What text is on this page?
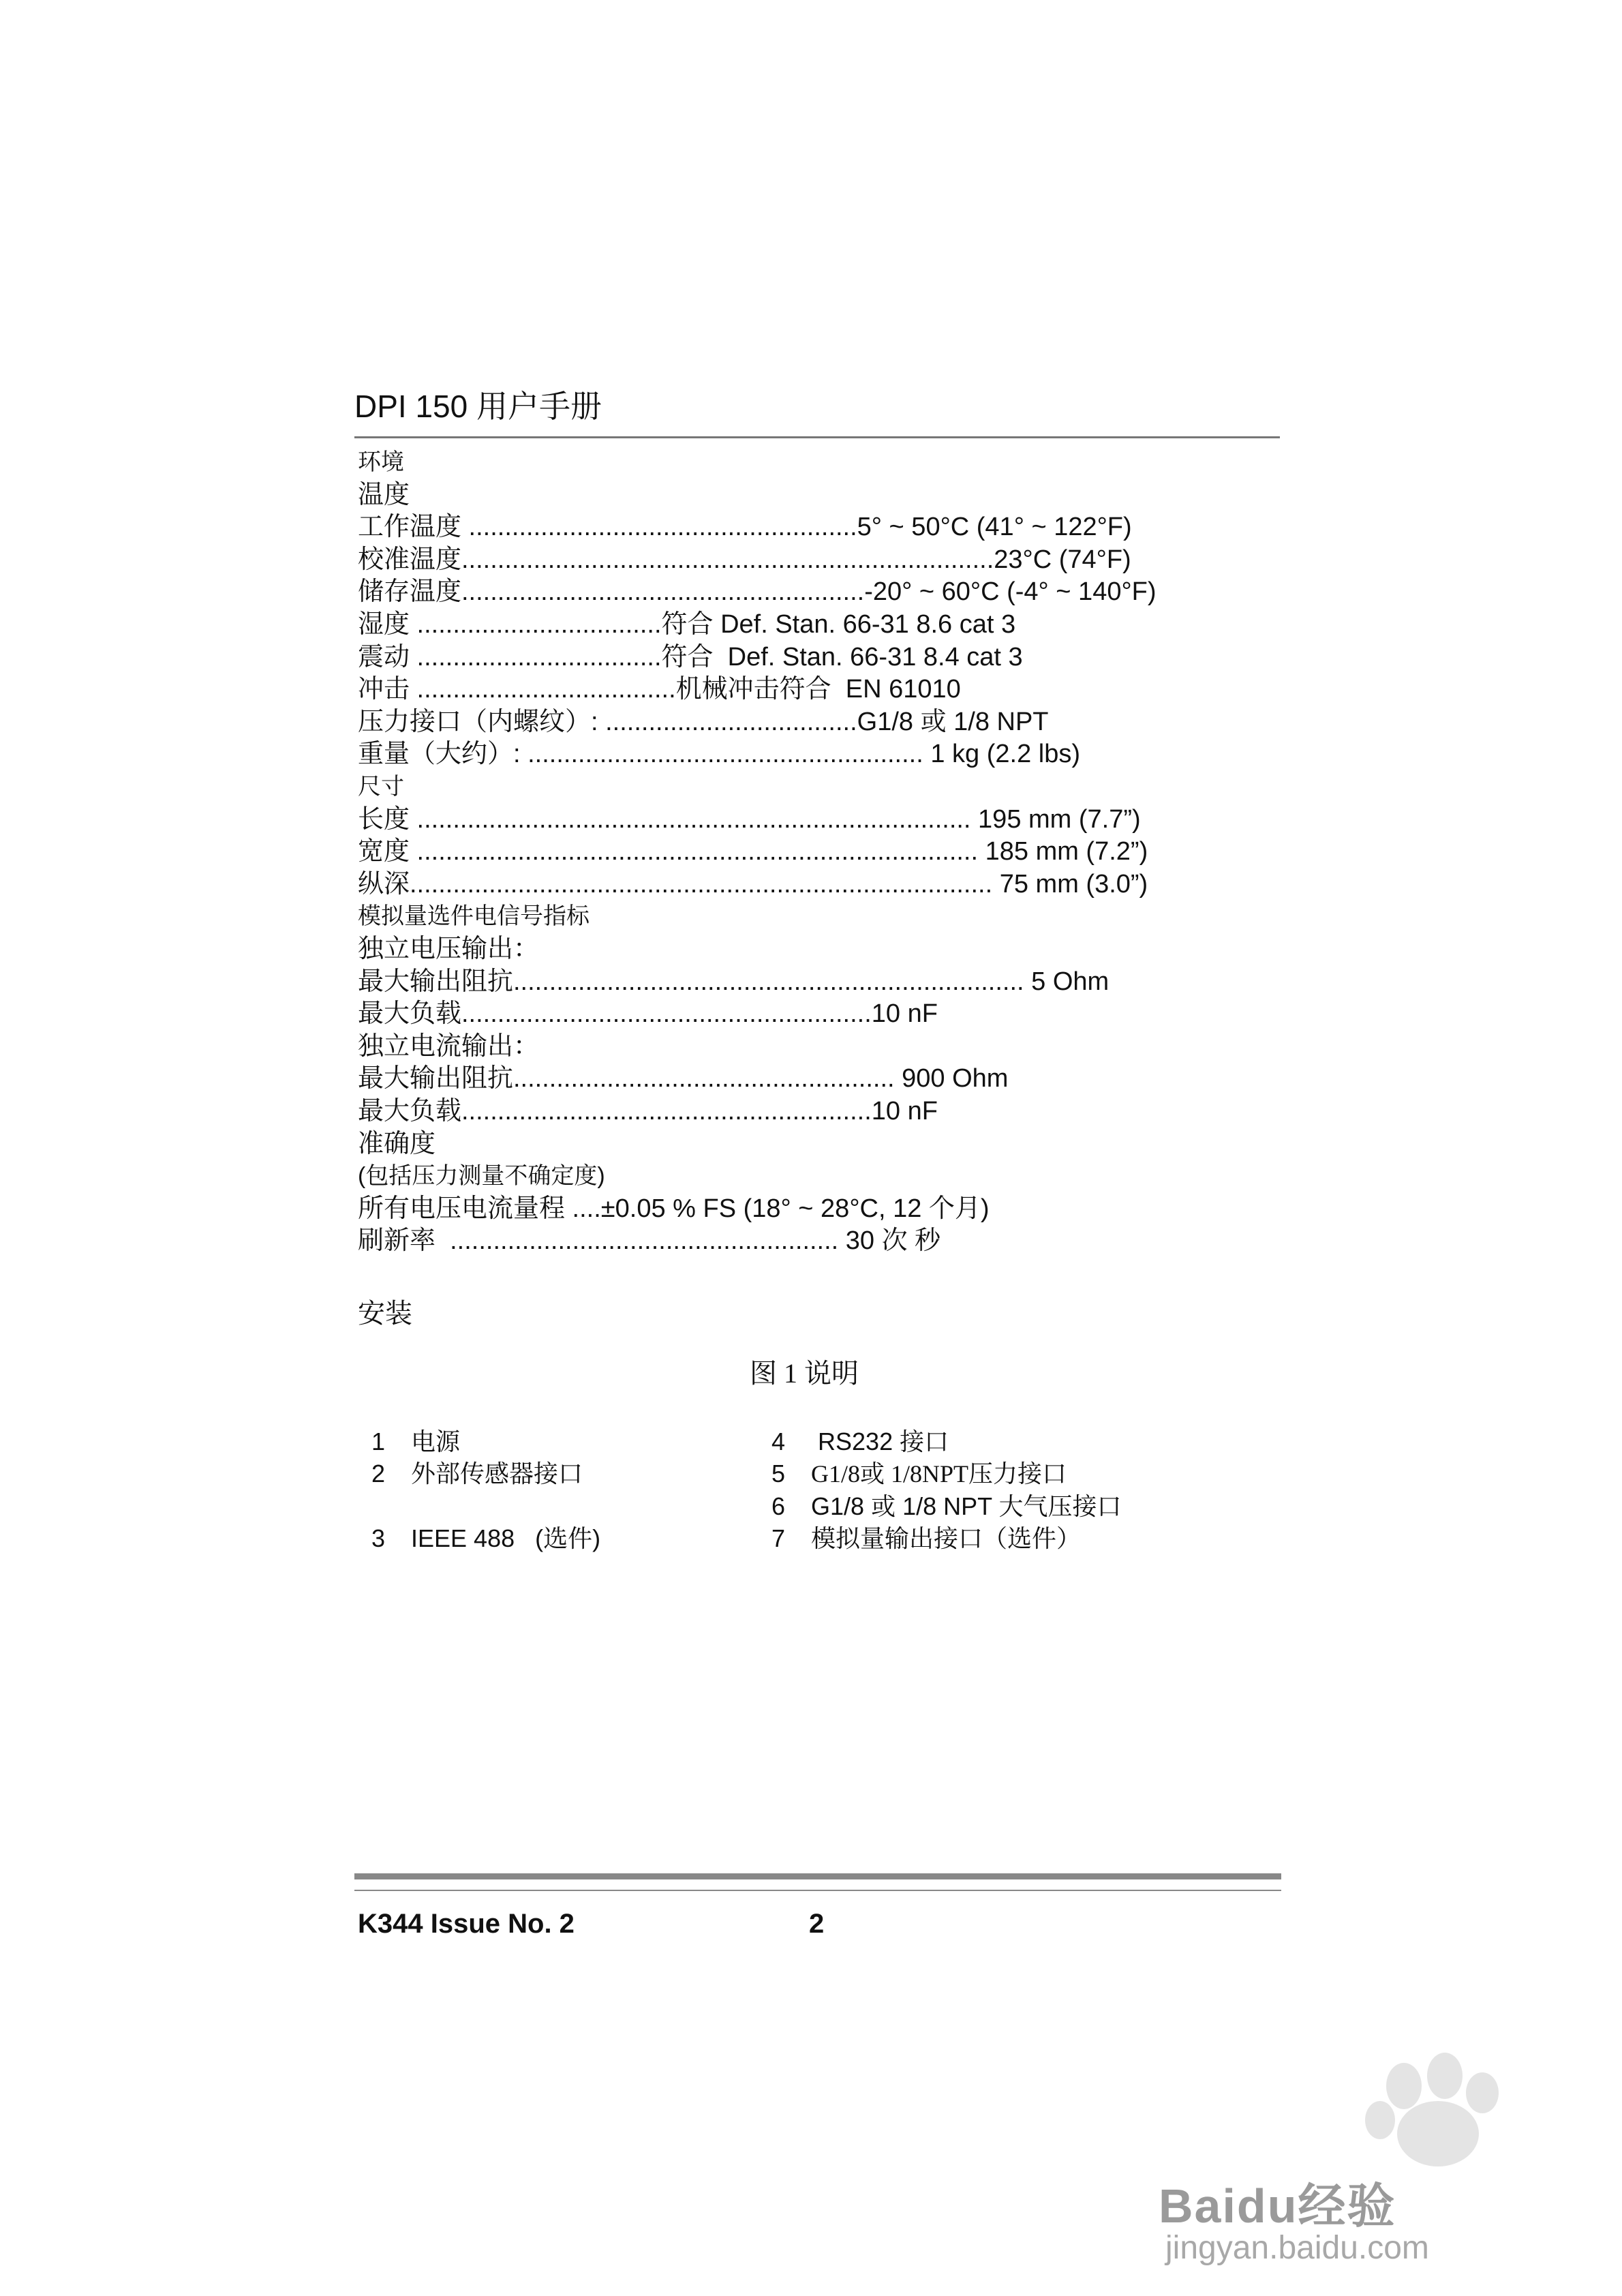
DPI 150 用户手册
环境
温度
工作温度 ......................................................5° ~ 50°C (41° ~ 122°F)
校准温度..........................................................................23°C (74°F)
储存温度........................................................-20° ~ 60°C (-4° ~ 140°F)
湿度 ..................................符合 Def. Stan. 66-31 8.6 cat 3
震动 ..................................符合  Def. Stan. 66-31 8.4 cat 3
冲击 ....................................机械冲击符合  EN 61010
压力接口（内螺纹）: ...................................G1/8 或 1/8 NPT
重量（大约）: ....................................................... 1 kg (2.2 lbs)
尺寸
长度 ............................................................................. 195 mm (7.7”)
宽度 .............................................................................. 185 mm (7.2”)
纵深................................................................................. 75 mm (3.0”)
模拟量选件电信号指标
独立电压输出：
最大输出阻抗....................................................................... 5 Ohm
最大负载.........................................................10 nF
独立电流输出：
最大输出阻抗..................................................... 900 Ohm
最大负载.........................................................10 nF
准确度
(包括压力测量不确定度)
所有电压电流量程 ....±0.05 % FS (18° ~ 28°C, 12 个月)
刷新率  ...................................................... 30 次 秒
安装
图 1 说明

1 电源

2 外部传感器接口

3 IEEE 488   (选件)

4 RS232 接口

5 G1/8或 1/8NPT压力接口

6 G1/8 或 1/8 NPT 大气压接口

7 模拟量输出接口（选件）

K344 Issue No. 2	2
Baidu经验
jingyan.baidu.com
